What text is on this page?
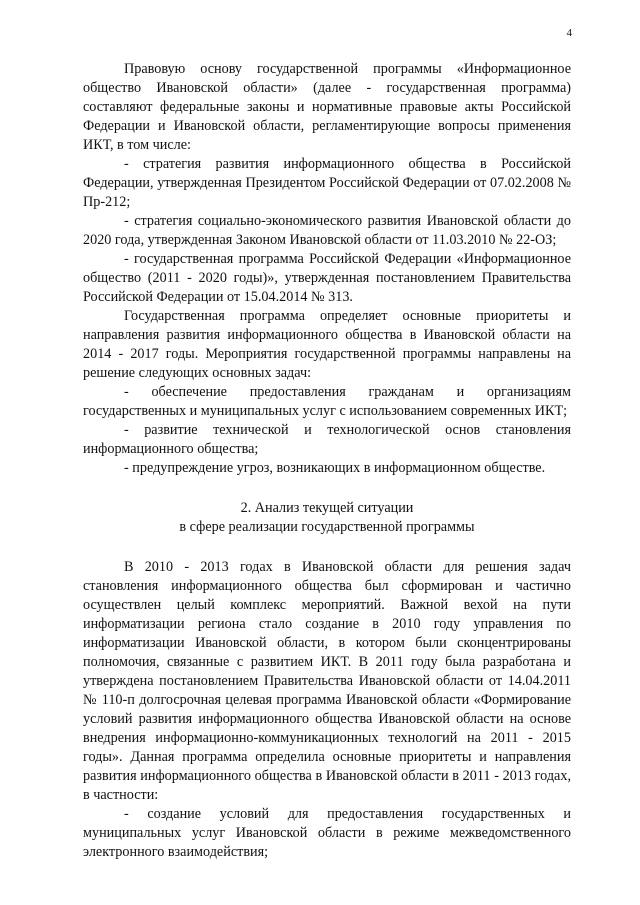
4

Правовую основу государственной программы «Информационное общество Ивановской области» (далее - государственная программа) составляют федеральные законы и нормативные правовые акты Российской Федерации и Ивановской области, регламентирующие вопросы применения ИКТ, в том числе:

- стратегия развития информационного общества в Российской Федерации, утвержденная Президентом Российской Федерации от 07.02.2008 № Пр-212;

- стратегия социально-экономического развития Ивановской области до 2020 года, утвержденная Законом Ивановской области от 11.03.2010 № 22-ОЗ;

- государственная программа Российской Федерации «Информационное общество (2011 - 2020 годы)», утвержденная постановлением Правительства Российской Федерации от 15.04.2014 № 313.

Государственная программа определяет основные приоритеты и направления развития информационного общества в Ивановской области на 2014 - 2017 годы. Мероприятия государственной программы направлены на решение следующих основных задач:

- обеспечение предоставления гражданам и организациям государственных и муниципальных услуг с использованием современных ИКТ;

- развитие технической и технологической основ становления информационного общества;

- предупреждение угроз, возникающих в информационном обществе.

2. Анализ текущей ситуации
в сфере реализации государственной программы

В 2010 - 2013 годах в Ивановской области для решения задач становления информационного общества был сформирован и частично осуществлен целый комплекс мероприятий. Важной вехой на пути информатизации региона стало создание в 2010 году управления по информатизации Ивановской области, в котором были сконцентрированы полномочия, связанные с развитием ИКТ. В 2011 году была разработана и утверждена постановлением Правительства Ивановской области от 14.04.2011 № 110-п долгосрочная целевая программа Ивановской области «Формирование условий развития информационного общества Ивановской области на основе внедрения информационно-коммуникационных технологий на 2011 - 2015 годы». Данная программа определила основные приоритеты и направления развития информационного общества в Ивановской области в 2011 - 2013 годах, в частности:

- создание условий для предоставления государственных и муниципальных услуг Ивановской области в режиме межведомственного электронного взаимодействия;
